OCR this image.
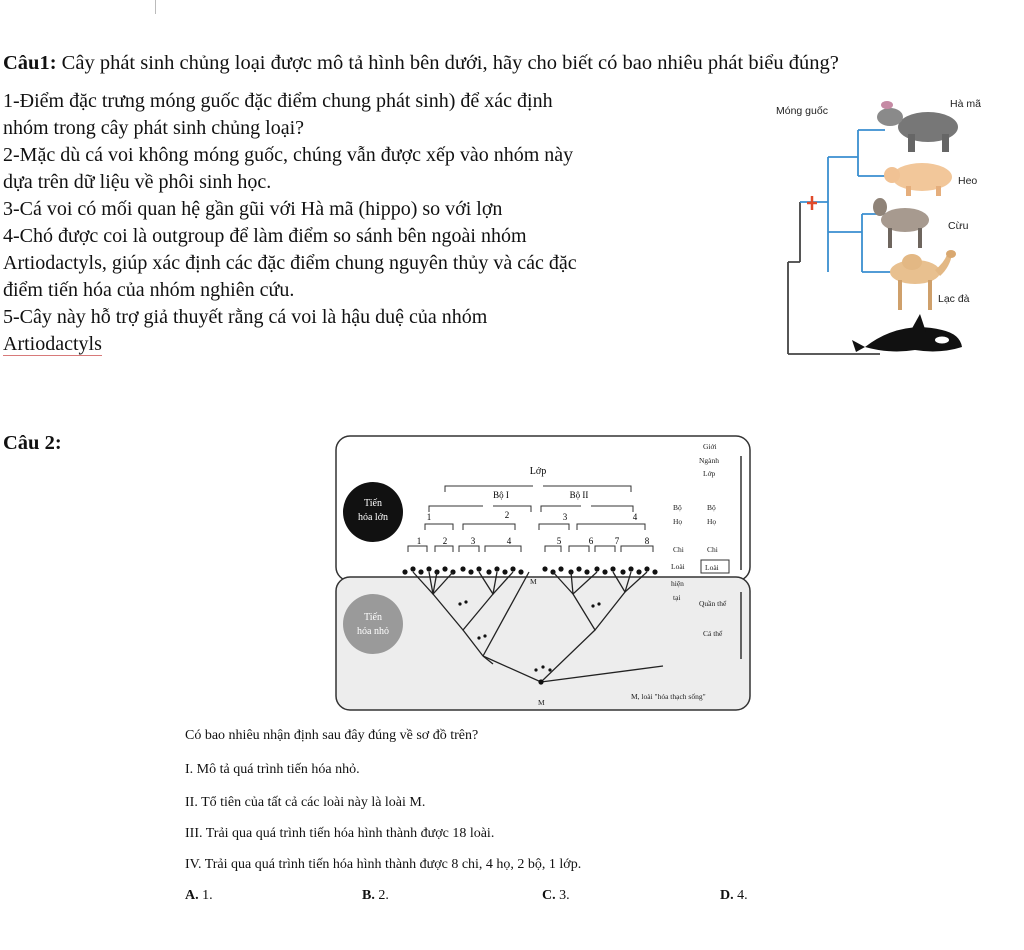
Câu1: Cây phát sinh chủng loại được mô tả hình bên dưới, hãy cho biết có bao nhiêu phát biểu đúng?
1-Điểm đặc trưng móng guốc đặc điểm chung phát sinh) để xác định
nhóm trong cây phát sinh chủng loại?
2-Mặc dù cá voi không móng guốc, chúng vẫn được xếp vào nhóm này
dựa trên dữ liệu về phôi sinh học.
3-Cá voi có mối quan hệ gần gũi với Hà mã (hippo) so với lợn
4-Chó được coi là outgroup để làm điểm so sánh bên ngoài nhóm
Artiodactyls, giúp xác định các đặc điểm chung nguyên thủy và các đặc
điểm tiến hóa của nhóm nghiên cứu.
5-Cây này hỗ trợ giả thuyết rằng cá voi là hậu duệ của nhóm
Artiodactyls
Móng guốc
Hà mã
Heo
Cừu
Lạc đà
Câu 2:
Tiến
hóa lớn
Tiến
hóa nhỏ
Lớp
Bộ I	Bộ II
1	2	3	4
1 2	3	4	5	6 7	8
Giới
Ngành
Lớp
Bộ	Bộ
Họ	Họ
Chi	Chi
Loài
hiện
tại
Quần thể
Cá thể
M
M
M, loài "hóa thạch sống"
Loài
Có bao nhiêu nhận định sau đây đúng về sơ đồ trên?
I. Mô tả quá trình tiến hóa nhỏ.
II. Tổ tiên của tất cả các loài này là loài M.
III. Trải qua quá trình tiến hóa hình thành được 18 loài.
IV. Trải qua quá trình tiến hóa hình thành được 8 chi, 4 họ, 2 bộ, 1 lớp.
A. 1.	B. 2.	C. 3.	D. 4.
